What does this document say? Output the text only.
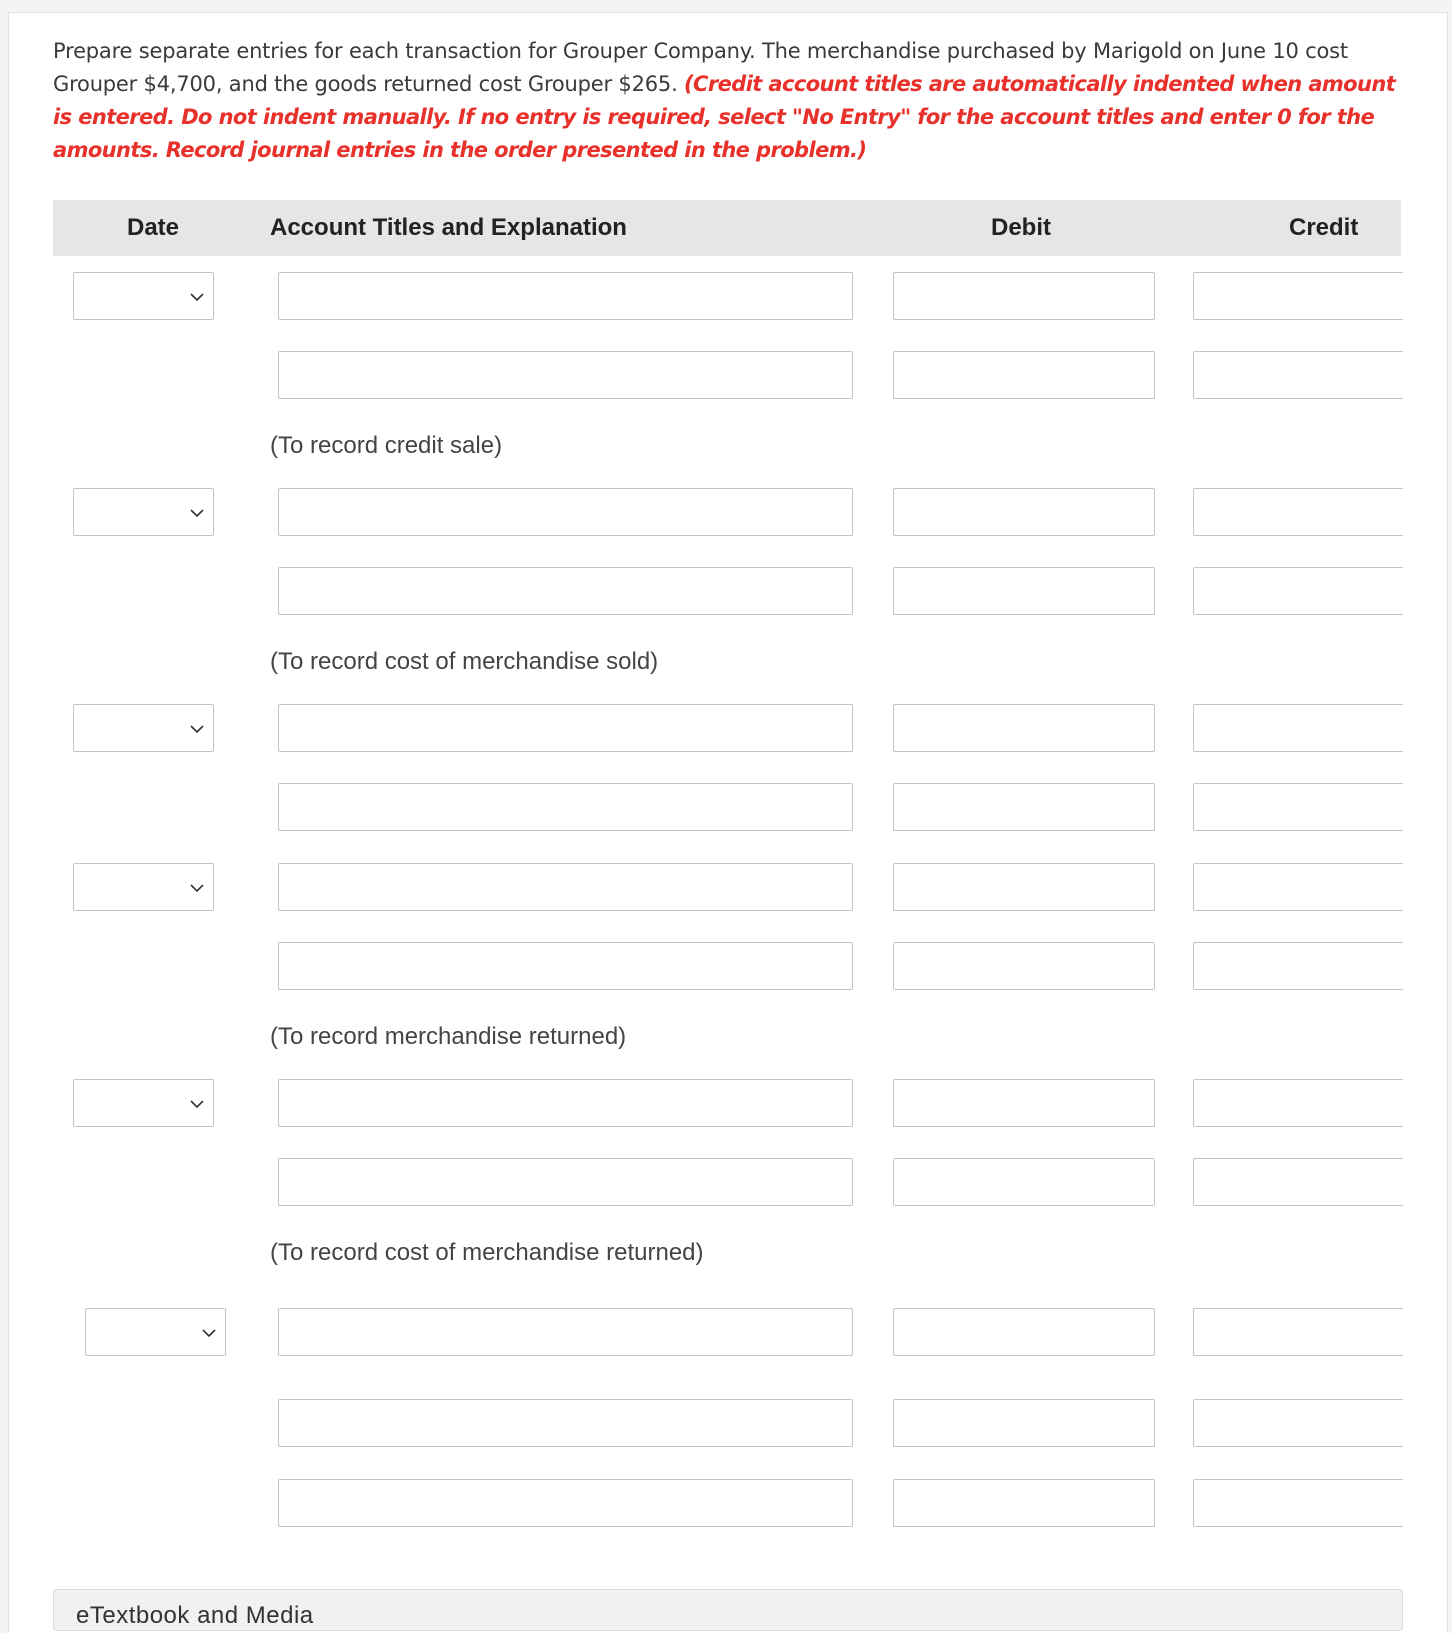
Prepare separate entries for each transaction for Grouper Company. The merchandise purchased by Marigold on June 10 cost Grouper $4,700, and the goods returned cost Grouper $265. (Credit account titles are automatically indented when amount is entered. Do not indent manually. If no entry is required, select "No Entry" for the account titles and enter 0 for the amounts. Record journal entries in the order presented in the problem.)
Date	Account Titles and Explanation	Debit	Credit
(To record credit sale)
(To record cost of merchandise sold)
(To record merchandise returned)
(To record cost of merchandise returned)
eTextbook and Media
